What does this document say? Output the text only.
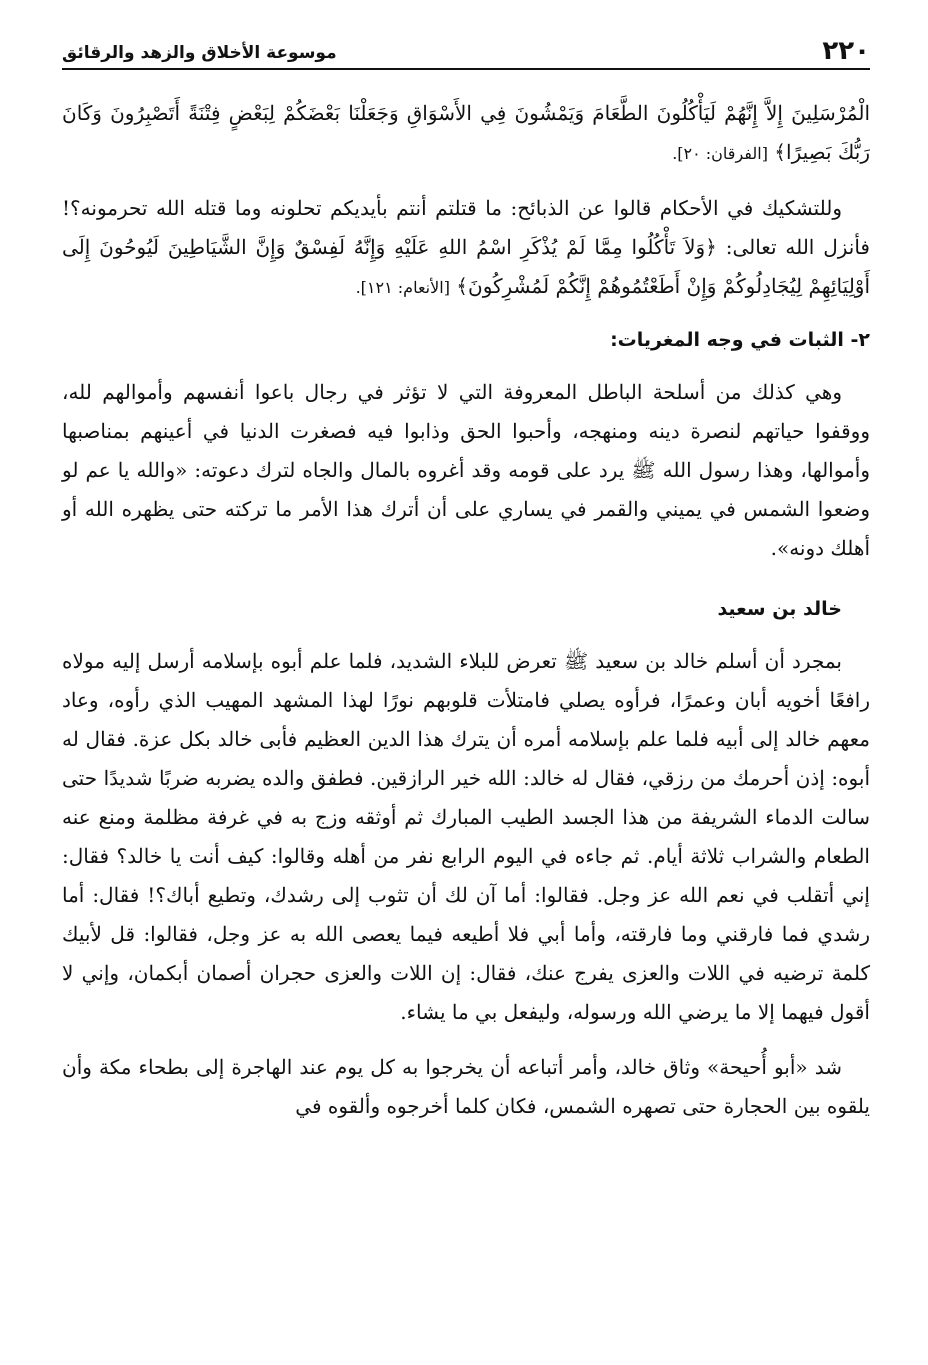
٢٢٠
موسوعة الأخلاق والزهد والرقائق

الْمُرْسَلِينَ إِلاَّ إِنَّهُمْ لَيَأْكُلُونَ الطَّعَامَ وَيَمْشُونَ فِي الأَسْوَاقِ وَجَعَلْنَا بَعْضَكُمْ لِبَعْضٍ فِتْنَةً أَتَصْبِرُونَ وَكَانَ رَبُّكَ بَصِيرًا﴾ [الفرقان: ٢٠].

وللتشكيك في الأحكام قالوا عن الذبائح: ما قتلتم أنتم بأيديكم تحلونه وما قتله الله تحرمونه؟! فأنزل الله تعالى: ﴿وَلاَ تَأْكُلُوا مِمَّا لَمْ يُذْكَرِ اسْمُ اللهِ عَلَيْهِ وَإِنَّهُ لَفِسْقٌ وَإِنَّ الشَّيَاطِينَ لَيُوحُونَ إِلَى أَوْلِيَائِهِمْ لِيُجَادِلُوكُمْ وَإِنْ أَطَعْتُمُوهُمْ إِنَّكُمْ لَمُشْرِكُونَ﴾ [الأنعام: ١٢١].

٢- الثبات في وجه المغريات:

وهي كذلك من أسلحة الباطل المعروفة التي لا تؤثر في رجال باعوا أنفسهم وأموالهم لله، ووقفوا حياتهم لنصرة دينه ومنهجه، وأحبوا الحق وذابوا فيه فصغرت الدنيا في أعينهم بمناصبها وأموالها، وهذا رسول الله ﷺ يرد على قومه وقد أغروه بالمال والجاه لترك دعوته: «والله يا عم لو وضعوا الشمس في يميني والقمر في يساري على أن أترك هذا الأمر ما تركته حتى يظهره الله أو أهلك دونه».

خالد بن سعيد

بمجرد أن أسلم خالد بن سعيد ﷺ تعرض للبلاء الشديد، فلما علم أبوه بإسلامه أرسل إليه مولاه رافعًا أخويه أبان وعمرًا، فرأوه يصلي فامتلأت قلوبهم نورًا لهذا المشهد المهيب الذي رأوه، وعاد معهم خالد إلى أبيه فلما علم بإسلامه أمره أن يترك هذا الدين العظيم فأبى خالد بكل عزة. فقال له أبوه: إذن أحرمك من رزقي، فقال له خالد: الله خير الرازقين. فطفق والده يضربه ضربًا شديدًا حتى سالت الدماء الشريفة من هذا الجسد الطيب المبارك ثم أوثقه وزج به في غرفة مظلمة ومنع عنه الطعام والشراب ثلاثة أيام. ثم جاءه في اليوم الرابع نفر من أهله وقالوا: كيف أنت يا خالد؟ فقال: إني أتقلب في نعم الله عز وجل. فقالوا: أما آن لك أن تثوب إلى رشدك، وتطيع أباك؟! فقال: أما رشدي فما فارقني وما فارقته، وأما أبي فلا أطيعه فيما يعصى الله به عز وجل، فقالوا: قل لأبيك كلمة ترضيه في اللات والعزى يفرج عنك، فقال: إن اللات والعزى حجران أصمان أبكمان، وإني لا أقول فيهما إلا ما يرضي الله ورسوله، وليفعل بي ما يشاء.

شد «أبو أُحيحة» وثاق خالد، وأمر أتباعه أن يخرجوا به كل يوم عند الهاجرة إلى بطحاء مكة وأن يلقوه بين الحجارة حتى تصهره الشمس، فكان كلما أخرجوه وألقوه في
